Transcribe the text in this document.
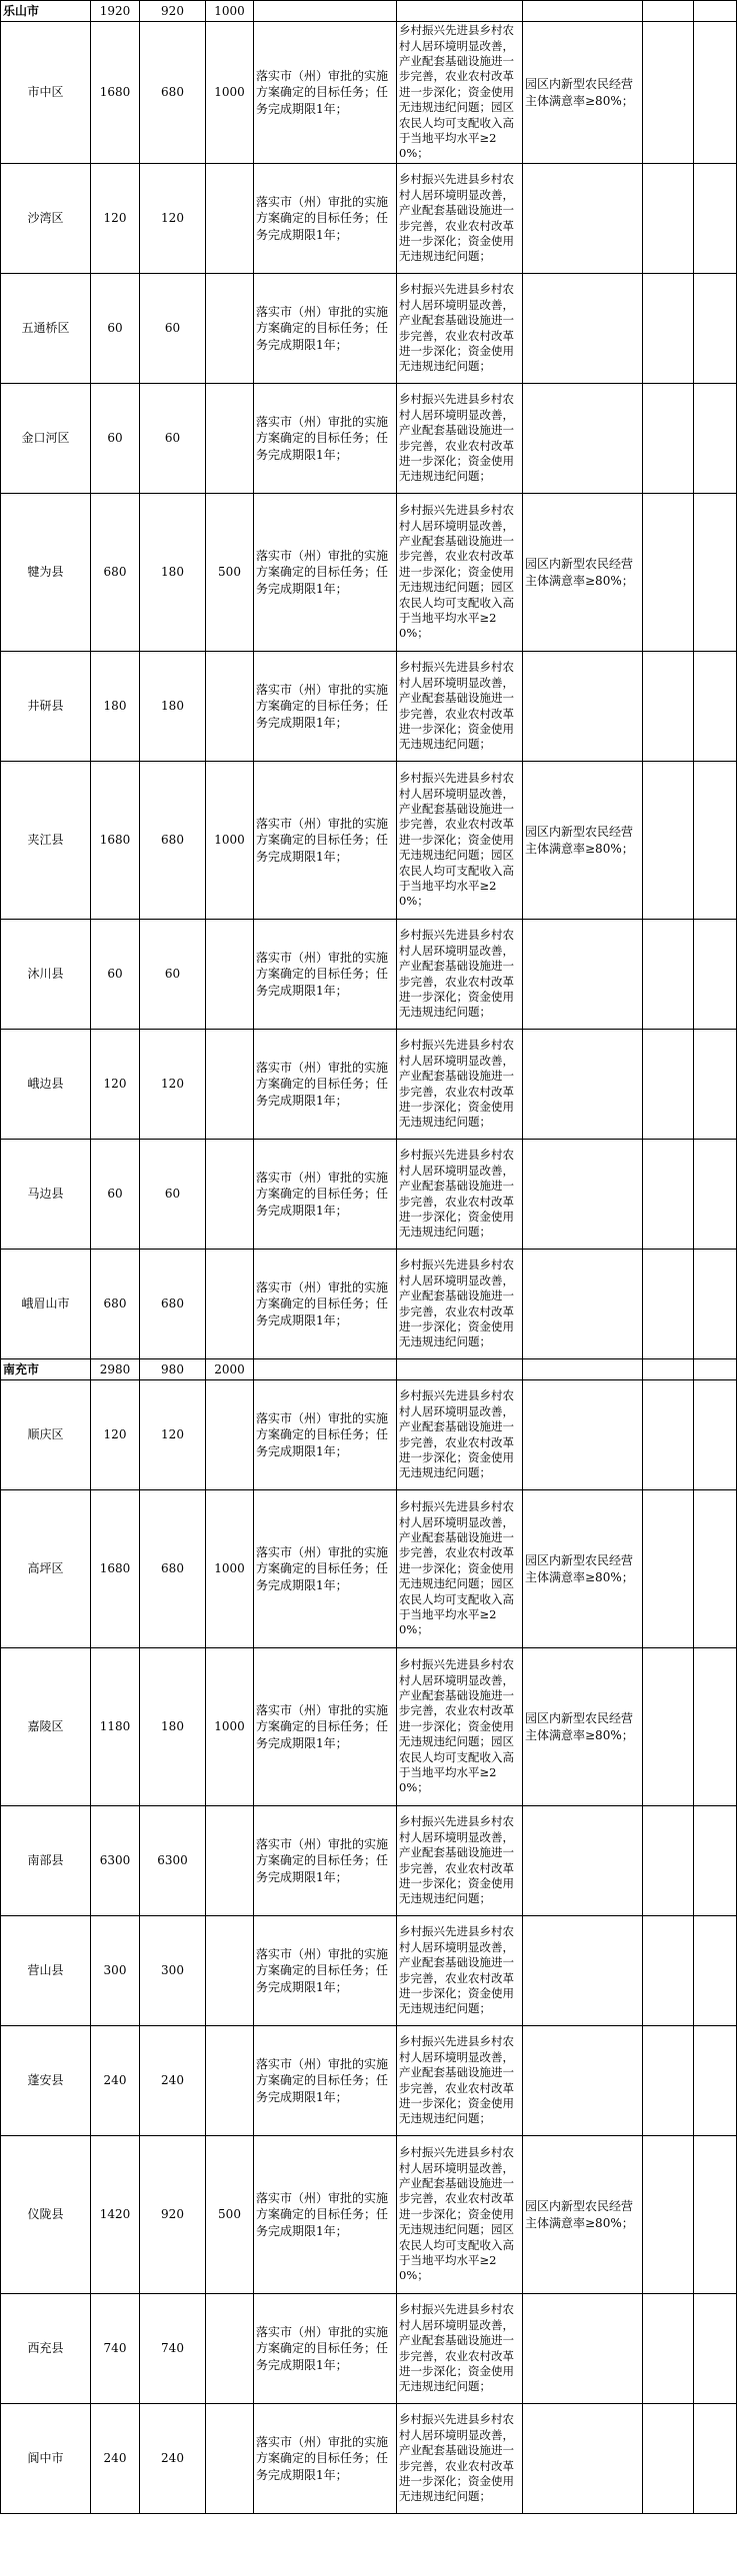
乐山市	1920	920	1000					
市中区	1680	680	1000	落实市（州）审批的实施方案确定的目标任务；任务完成期限1年；	乡村振兴先进县乡村农村人居环境明显改善，产业配套基础设施进一步完善，农业农村改革进一步深化；资金使用无违规违纪问题；园区农民人均可支配收入高于当地平均水平≥20%；	园区内新型农民经营主体满意率≥80%；		
沙湾区	120	120		落实市（州）审批的实施方案确定的目标任务；任务完成期限1年；	乡村振兴先进县乡村农村人居环境明显改善，产业配套基础设施进一步完善，农业农村改革进一步深化；资金使用无违规违纪问题；			
五通桥区	60	60		落实市（州）审批的实施方案确定的目标任务；任务完成期限1年；	乡村振兴先进县乡村农村人居环境明显改善，产业配套基础设施进一步完善，农业农村改革进一步深化；资金使用无违规违纪问题；			
金口河区	60	60		落实市（州）审批的实施方案确定的目标任务；任务完成期限1年；	乡村振兴先进县乡村农村人居环境明显改善，产业配套基础设施进一步完善，农业农村改革进一步深化；资金使用无违规违纪问题；			
犍为县	680	180	500	落实市（州）审批的实施方案确定的目标任务；任务完成期限1年；	乡村振兴先进县乡村农村人居环境明显改善，产业配套基础设施进一步完善，农业农村改革进一步深化；资金使用无违规违纪问题；园区农民人均可支配收入高于当地平均水平≥20%；	园区内新型农民经营主体满意率≥80%；		
井研县	180	180		落实市（州）审批的实施方案确定的目标任务；任务完成期限1年；	乡村振兴先进县乡村农村人居环境明显改善，产业配套基础设施进一步完善，农业农村改革进一步深化；资金使用无违规违纪问题；			
夹江县	1680	680	1000	落实市（州）审批的实施方案确定的目标任务；任务完成期限1年；	乡村振兴先进县乡村农村人居环境明显改善，产业配套基础设施进一步完善，农业农村改革进一步深化；资金使用无违规违纪问题；园区农民人均可支配收入高于当地平均水平≥20%；	园区内新型农民经营主体满意率≥80%；		
沐川县	60	60		落实市（州）审批的实施方案确定的目标任务；任务完成期限1年；	乡村振兴先进县乡村农村人居环境明显改善，产业配套基础设施进一步完善，农业农村改革进一步深化；资金使用无违规违纪问题；			
峨边县	120	120		落实市（州）审批的实施方案确定的目标任务；任务完成期限1年；	乡村振兴先进县乡村农村人居环境明显改善，产业配套基础设施进一步完善，农业农村改革进一步深化；资金使用无违规违纪问题；			
马边县	60	60		落实市（州）审批的实施方案确定的目标任务；任务完成期限1年；	乡村振兴先进县乡村农村人居环境明显改善，产业配套基础设施进一步完善，农业农村改革进一步深化；资金使用无违规违纪问题；			
峨眉山市	680	680		落实市（州）审批的实施方案确定的目标任务；任务完成期限1年；	乡村振兴先进县乡村农村人居环境明显改善，产业配套基础设施进一步完善，农业农村改革进一步深化；资金使用无违规违纪问题；			
南充市	2980	980	2000					
顺庆区	120	120		落实市（州）审批的实施方案确定的目标任务；任务完成期限1年；	乡村振兴先进县乡村农村人居环境明显改善，产业配套基础设施进一步完善，农业农村改革进一步深化；资金使用无违规违纪问题；			
高坪区	1680	680	1000	落实市（州）审批的实施方案确定的目标任务；任务完成期限1年；	乡村振兴先进县乡村农村人居环境明显改善，产业配套基础设施进一步完善，农业农村改革进一步深化；资金使用无违规违纪问题；园区农民人均可支配收入高于当地平均水平≥20%；	园区内新型农民经营主体满意率≥80%；		
嘉陵区	1180	180	1000	落实市（州）审批的实施方案确定的目标任务；任务完成期限1年；	乡村振兴先进县乡村农村人居环境明显改善，产业配套基础设施进一步完善，农业农村改革进一步深化；资金使用无违规违纪问题；园区农民人均可支配收入高于当地平均水平≥20%；	园区内新型农民经营主体满意率≥80%；		
南部县	6300	6300		落实市（州）审批的实施方案确定的目标任务；任务完成期限1年；	乡村振兴先进县乡村农村人居环境明显改善，产业配套基础设施进一步完善，农业农村改革进一步深化；资金使用无违规违纪问题；			
营山县	300	300		落实市（州）审批的实施方案确定的目标任务；任务完成期限1年；	乡村振兴先进县乡村农村人居环境明显改善，产业配套基础设施进一步完善，农业农村改革进一步深化；资金使用无违规违纪问题；			
蓬安县	240	240		落实市（州）审批的实施方案确定的目标任务；任务完成期限1年；	乡村振兴先进县乡村农村人居环境明显改善，产业配套基础设施进一步完善，农业农村改革进一步深化；资金使用无违规违纪问题；			
仪陇县	1420	920	500	落实市（州）审批的实施方案确定的目标任务；任务完成期限1年；	乡村振兴先进县乡村农村人居环境明显改善，产业配套基础设施进一步完善，农业农村改革进一步深化；资金使用无违规违纪问题；园区农民人均可支配收入高于当地平均水平≥20%；	园区内新型农民经营主体满意率≥80%；		
西充县	740	740		落实市（州）审批的实施方案确定的目标任务；任务完成期限1年；	乡村振兴先进县乡村农村人居环境明显改善，产业配套基础设施进一步完善，农业农村改革进一步深化；资金使用无违规违纪问题；			
阆中市	240	240		落实市（州）审批的实施方案确定的目标任务；任务完成期限1年；	乡村振兴先进县乡村农村人居环境明显改善，产业配套基础设施进一步完善，农业农村改革进一步深化；资金使用无违规违纪问题；			
